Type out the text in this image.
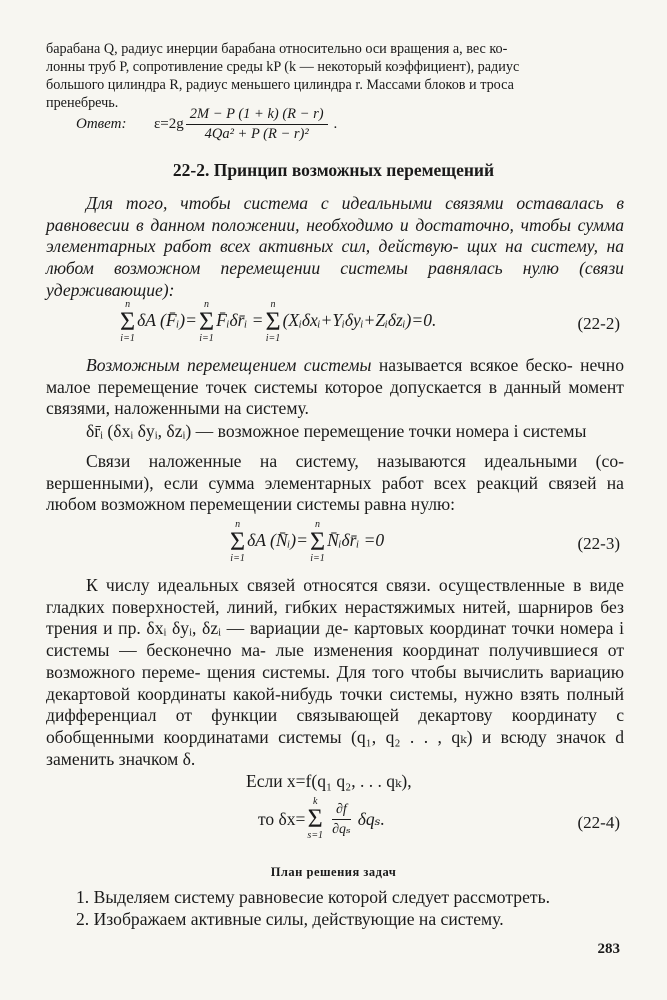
барабана Q, радиус инерции барабана относительно оси вращения a, вес ко-
лонны труб P, сопротивление среды kP (k — некоторый коэффициент), радиус
большого цилиндра R, радиус меньшего цилиндра r. Массами блоков и троса
пренебречь.
Ответ:	$\varepsilon=2g \frac{2M - P (1 + k) (R - r)}{\text{4Qa² + P (R − r)²}}$ .
22-2. Принцип возможных перемещений
Для того, чтобы система с идеальными связями оставалась в равновесии в данном положении, необходимо и достаточно, чтобы сумма элементарных работ всех активных сил, действую- щих на систему, на любом возможном перемещении системы равнялась нулю (связи удерживающие):
n
Σ
i=1
δA (F̄ᵢ)=
n
Σ
i=1
F̄ᵢδr̄ᵢ =
n
Σ
i=1
(Xᵢδxᵢ+Yᵢδyᵢ+Zᵢδzᵢ)=0.	(22-2)
Возможным перемещением системы называется всякое беско- нечно малое перемещение точек системы которое допускается в данный момент связями, наложенными на систему.
δr̄ᵢ (δxᵢ δyᵢ, δzᵢ) — возможное перемещение точки номера i системы
Связи наложенные на систему, называются идеальными (со- вершенными), если сумма элементарных работ всех реакций связей на любом возможном перемещении системы равна нулю:
n
Σ
i=1
δA (N̄ᵢ)=
n
Σ
i=1
N̄ᵢδr̄ᵢ =0	(22-3)
К числу идеальных связей относятся связи. осуществленные в виде гладких поверхностей, линий, гибких нерастяжимых нитей, шарниров без трения и пр. δxᵢ δyᵢ, δzᵢ — вариации де- картовых координат точки номера i системы — бесконечно ма- лые изменения координат получившиеся от возможного переме- щения системы. Для того чтобы вычислить вариацию декартовой координаты какой-нибудь точки системы, нужно взять полный дифференциал от функции связывающей декартову координату с обобщенными координатами системы (q₁, q₂ . . , qₖ) и всюду значок d заменить значком δ.
Если x=f(q₁ q₂, . . . qₖ),
то δx=
k
Σ
$s=1 \frac{\partial f}{\text{∂qₛ}} \delta q_s$.	(22-4)
План решения задач
1. Выделяем систему равновесие которой следует рассмотреть.
2. Изображаем активные силы, действующие на систему.
283
